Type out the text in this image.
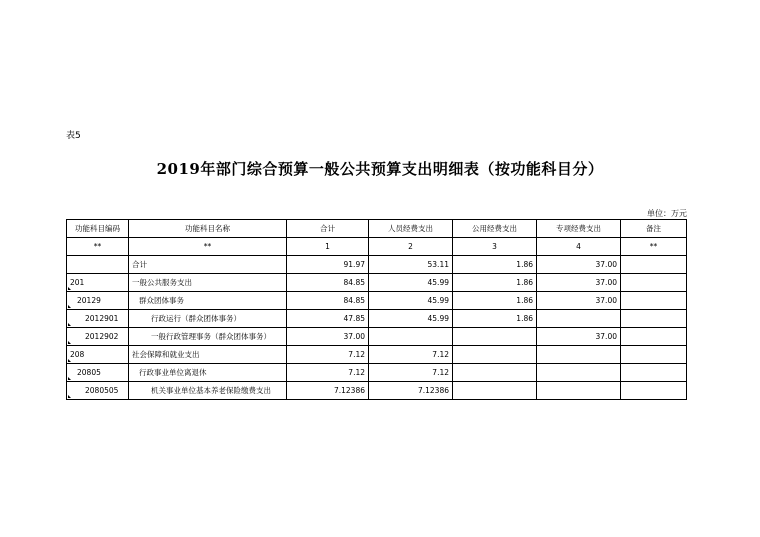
表5
2019年部门综合预算一般公共预算支出明细表（按功能科目分）
单位：万元
功能科目编码	功能科目名称	合计	人员经费支出	公用经费支出	专项经费支出	备注
**	**	1	2	3	4	**
	合计	91.97	53.11	1.86	37.00	
201	一般公共服务支出	84.85	45.99	1.86	37.00	
20129	群众团体事务	84.85	45.99	1.86	37.00	
2012901	行政运行（群众团体事务）	47.85	45.99	1.86		
2012902	一般行政管理事务（群众团体事务）	37.00			37.00	
208	社会保障和就业支出	7.12	7.12			
20805	行政事业单位离退休	7.12	7.12			
2080505	机关事业单位基本养老保险缴费支出	7.12386	7.12386			
